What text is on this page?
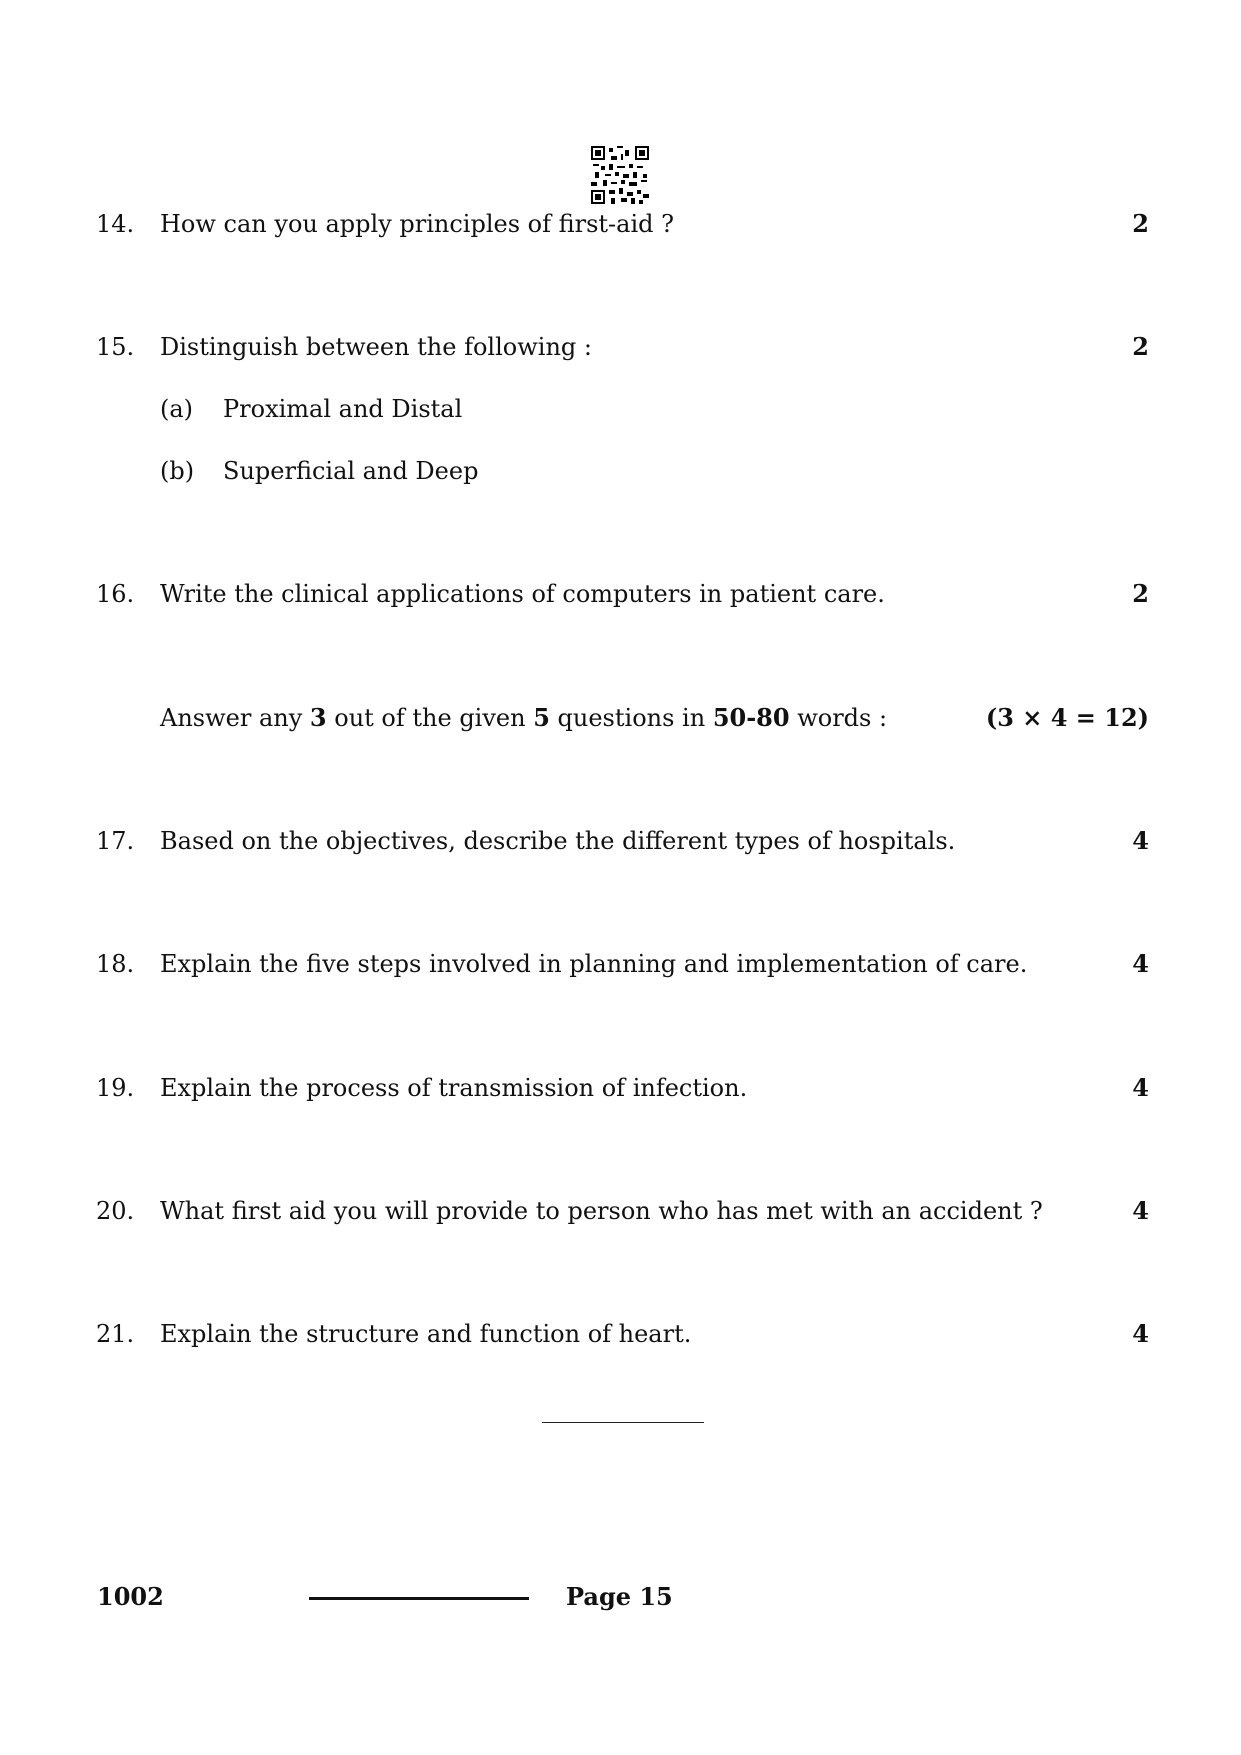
14. How can you apply principles of first-aid ?	2
15. Distinguish between the following :	2
(a) Proximal and Distal
(b) Superficial and Deep
16. Write the clinical applications of computers in patient care.	2
Answer any 3 out of the given 5 questions in 50-80 words :	(3 × 4 = 12)
17. Based on the objectives, describe the different types of hospitals.	4
18. Explain the five steps involved in planning and implementation of care.	4
19. Explain the process of transmission of infection.	4
20. What first aid you will provide to person who has met with an accident ?	4
21. Explain the structure and function of heart.	4
1002	Page 15
